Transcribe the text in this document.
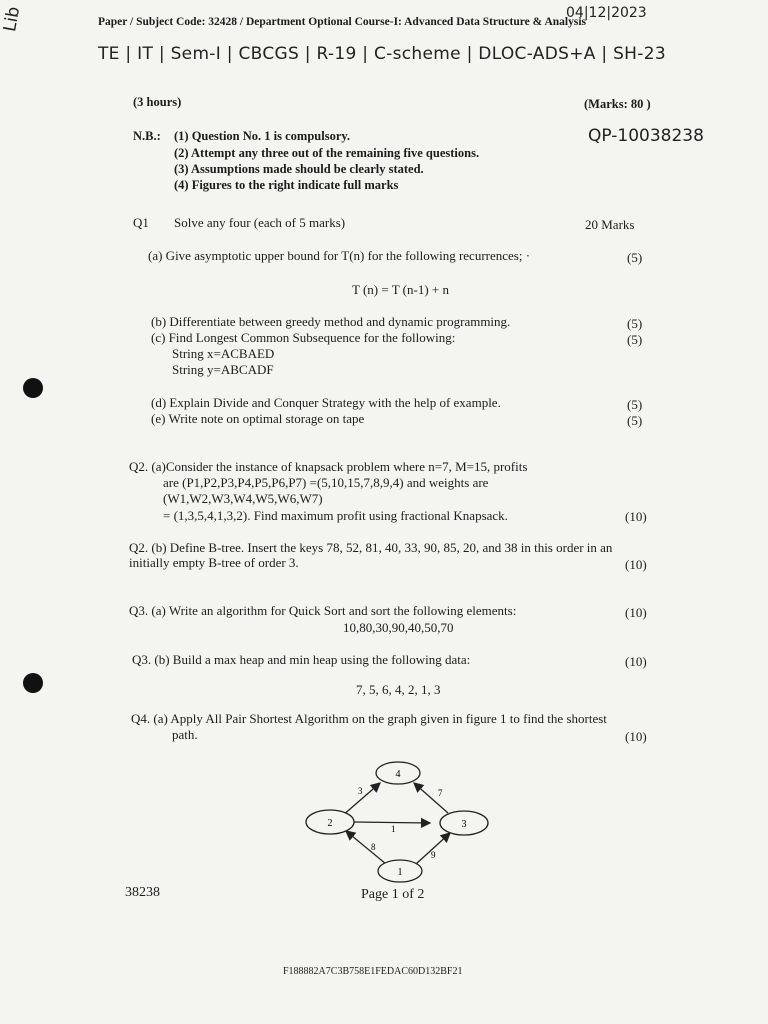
Lib	Paper / Subject Code: 32428 / Department Optional Course-I: Advanced Data Structure & Analysis
04|12|2023
TE | IT | Sem-I | CBCGS | R-19 | C-scheme | DLOC-ADS+A | SH-23
(3 hours)	(Marks: 80 )
QP-10038238
N.B.: (1) Question No. 1 is compulsory.
(2) Attempt any three out of the remaining five questions.
(3) Assumptions made should be clearly stated.
(4) Figures to the right indicate full marks
Q1 Solve any four (each of 5 marks)	20 Marks
(a) Give asymptotic upper bound for T(n) for the following recurrences; ·	(5)
T (n) = T (n-1) + n
(b) Differentiate between greedy method and dynamic programming.	(5)
(c) Find Longest Common Subsequence for the following:	(5)
String x=ACBAED
String y=ABCADF
(d) Explain Divide and Conquer Strategy with the help of example.	(5)
(e) Write note on optimal storage on tape	(5)
Q2. (a)Consider the instance of knapsack problem where n=7, M=15, profits
are (P1,P2,P3,P4,P5,P6,P7) =(5,10,15,7,8,9,4) and weights are
(W1,W2,W3,W4,W5,W6,W7)
= (1,3,5,4,1,3,2). Find maximum profit using fractional Knapsack.	(10)
Q2. (b) Define B-tree. Insert the keys 78, 52, 81, 40, 33, 90, 85, 20, and 38 in this order in an
initially empty B-tree of order 3.	(10)
Q3. (a) Write an algorithm for Quick Sort and sort the following elements:	(10)
10,80,30,90,40,50,70
Q3. (b) Build a max heap and min heap using the following data:	(10)
7, 5, 6, 4, 2, 1, 3
Q4. (a) Apply All Pair Shortest Algorithm on the graph given in figure 1 to find the shortest
path.	(10)
4
2	3
1
3	7
1
8
9
38238	Page 1 of 2
F188882A7C3B758E1FEDAC60D132BF21
